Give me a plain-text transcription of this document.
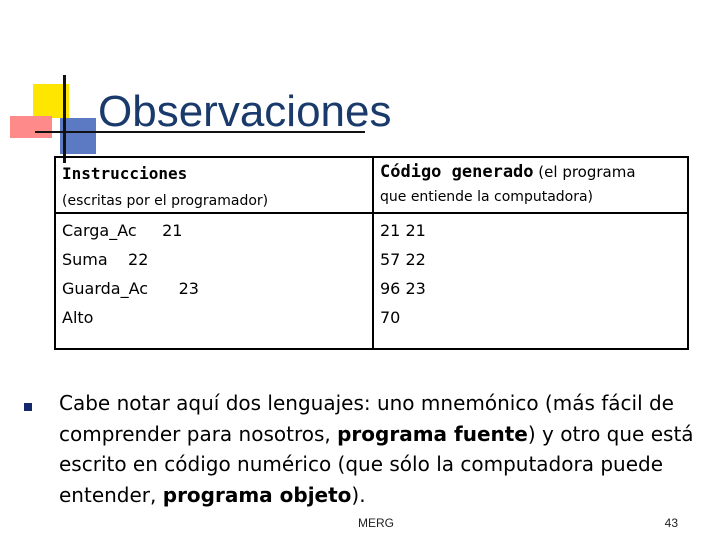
Observaciones
Instrucciones
(escritas por el programador)
Código generado (el programa
que entiende la computadora)
Carga_Ac     21
Suma    22
Guarda_Ac      23
Alto
21 21
57 22
96 23
70

Cabe notar aquí dos lenguajes: uno mnemónico (más fácil de comprender para nosotros, programa fuente) y otro que está escrito en código numérico (que sólo la computadora puede entender, programa objeto).

MERG	43
